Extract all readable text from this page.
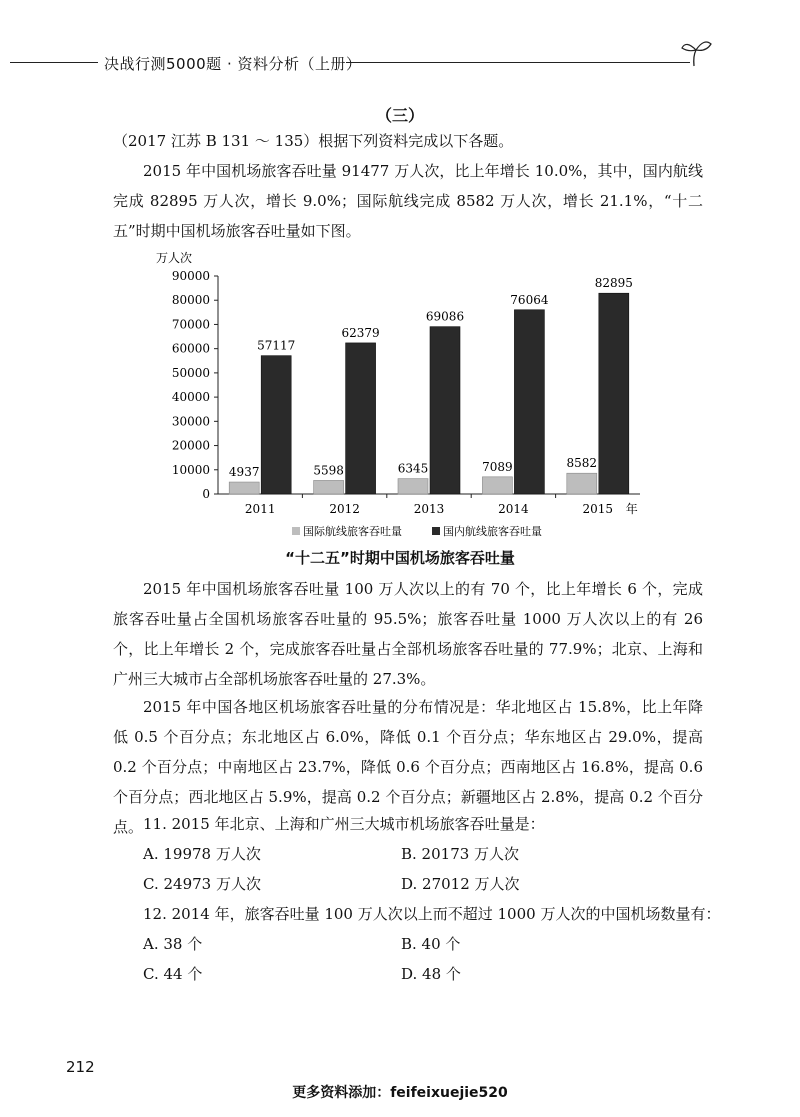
决战行测5000题 · 资料分析（上册）
（三）

（2017 江苏 B 131 ～ 135）根据下列资料完成以下各题。

2015 年中国机场旅客吞吐量 91477 万人次，比上年增长 10.0%，其中，国内航线完成 82895 万人次，增长 9.0%；国际航线完成 8582 万人次，增长 21.1%，“十二五”时期中国机场旅客吞吐量如下图。

万人次
0
10000
20000
30000
40000
50000
60000
70000
80000
90000
4937
57117
2011
5598
62379
2012
6345
69086
2013
7089
76064
2014
8582
82895
2015 年
国际航线旅客吞吐量	国内航线旅客吞吐量
“十二五”时期中国机场旅客吞吐量

2015 年中国机场旅客吞吐量 100 万人次以上的有 70 个，比上年增长 6 个，完成旅客吞吐量占全国机场旅客吞吐量的 95.5%；旅客吞吐量 1000 万人次以上的有 26 个，比上年增长 2 个，完成旅客吞吐量占全部机场旅客吞吐量的 77.9%；北京、上海和广州三大城市占全部机场旅客吞吐量的 27.3%。

2015 年中国各地区机场旅客吞吐量的分布情况是：华北地区占 15.8%，比上年降低 0.5 个百分点；东北地区占 6.0%，降低 0.1 个百分点；华东地区占 29.0%，提高 0.2 个百分点；中南地区占 23.7%，降低 0.6 个百分点；西南地区占 16.8%，提高 0.6 个百分点；西北地区占 5.9%，提高 0.2 个百分点；新疆地区占 2.8%，提高 0.2 个百分点。 11. 2015 年北京、上海和广州三大城市机场旅客吞吐量是：
A. 19978 万人次	B. 20173 万人次
C. 24973 万人次	D. 27012 万人次
12. 2014 年，旅客吞吐量 100 万人次以上而不超过 1000 万人次的中国机场数量有：
A. 38 个	B. 40 个
C. 44 个	D. 48 个
212
更多资料添加：feifeixuejie520
